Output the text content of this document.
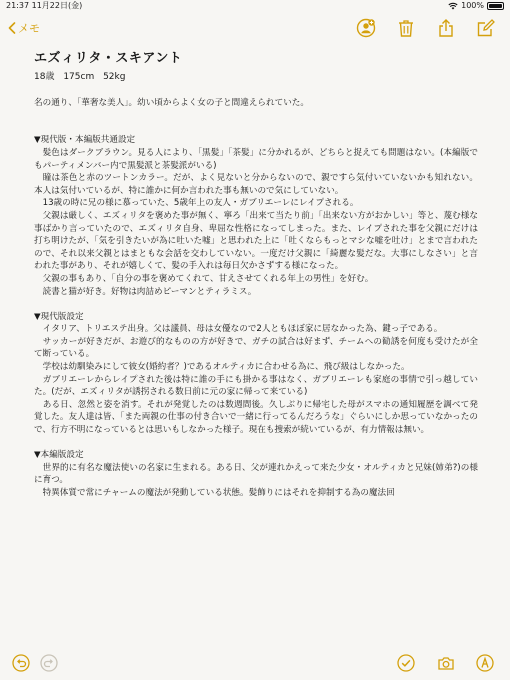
21:37 11月22日(金)	100%
メモ
エズィリタ・スキアント
18歳 175cm 52kg

名の通り、「華奢な美人」。幼い頃からよく女の子と間違えられていた。

▼現代版・本編版共通設定

　髪色はダークブラウン。見る人により、「黒髪」「茶髪」に分かれるが、どちらと捉えても問題はない。(本編版でもパーティメンバー内で黒髪派と茶髪派がいる)

　瞳は茶色と赤のツートンカラー。だが、よく見ないと分からないので、親ですら気付いていないかも知れない。本人は気付いているが、特に誰かに何か言われた事も無いので気にしていない。

　13歳の時に兄の様に慕っていた、5歳年上の友人・ガブリエーレにレイプされる。

　父親は厳しく、エズィリタを褒めた事が無く、寧ろ「出来て当たり前」「出来ない方がおかしい」等と、蔑む様な事ばかり言っていたので、エズィリタ自身、卑屈な性格になってしまった。また、レイプされた事を父親にだけは打ち明けたが、「気を引きたいが為に吐いた嘘」と思われた上に「吐くならもっとマシな嘘を吐け」とまで言われたので、それ以来父親とはまともな会話を交わしていない。一度だけ父親に「綺麗な髪だな。大事にしなさい」と言われた事があり、それが嬉しくて、髪の手入れは毎日欠かさずする様になった。

　父親の事もあり、「自分の事を褒めてくれて、甘えさせてくれる年上の男性」を好む。

　読書と猫が好き。好物は肉詰めピーマンとティラミス。

▼現代版設定

　イタリア、トリエステ出身。父は議員、母は女優なので2人ともほぼ家に居なかった為、鍵っ子である。

　サッカーが好きだが、お遊び的なものの方が好きで、ガチの試合は好まず、チームへの勧誘を何度も受けたが全て断っている。

　学校は幼馴染みにして彼女(婚約者？)であるオルティカに合わせる為に、飛び級はしなかった。

　ガブリエーレからレイプされた後は特に誰の手にも掛かる事はなく、ガブリエーレも家庭の事情で引っ越していた。(だが、エズィリタが誘拐される数日前に元の家に帰って来ている)

　ある日、忽然と姿を消す。それが発覚したのは数週間後。久しぶりに帰宅した母がスマホの通知履歴を調べて発覚した。友人達は皆、「また両親の仕事の付き合いで一緒に行ってるんだろうな」ぐらいにしか思っていなかったので、行方不明になっているとは思いもしなかった様子。現在も捜索が続いているが、有力情報は無い。

▼本編版設定

　世界的に有名な魔法使いの名家に生まれる。ある日、父が連れかえって来た少女・オルティカと兄妹(姉弟?)の様に育つ。

　特異体質で常にチャームの魔法が発動している状態。髪飾りにはそれを抑制する為の魔法回
